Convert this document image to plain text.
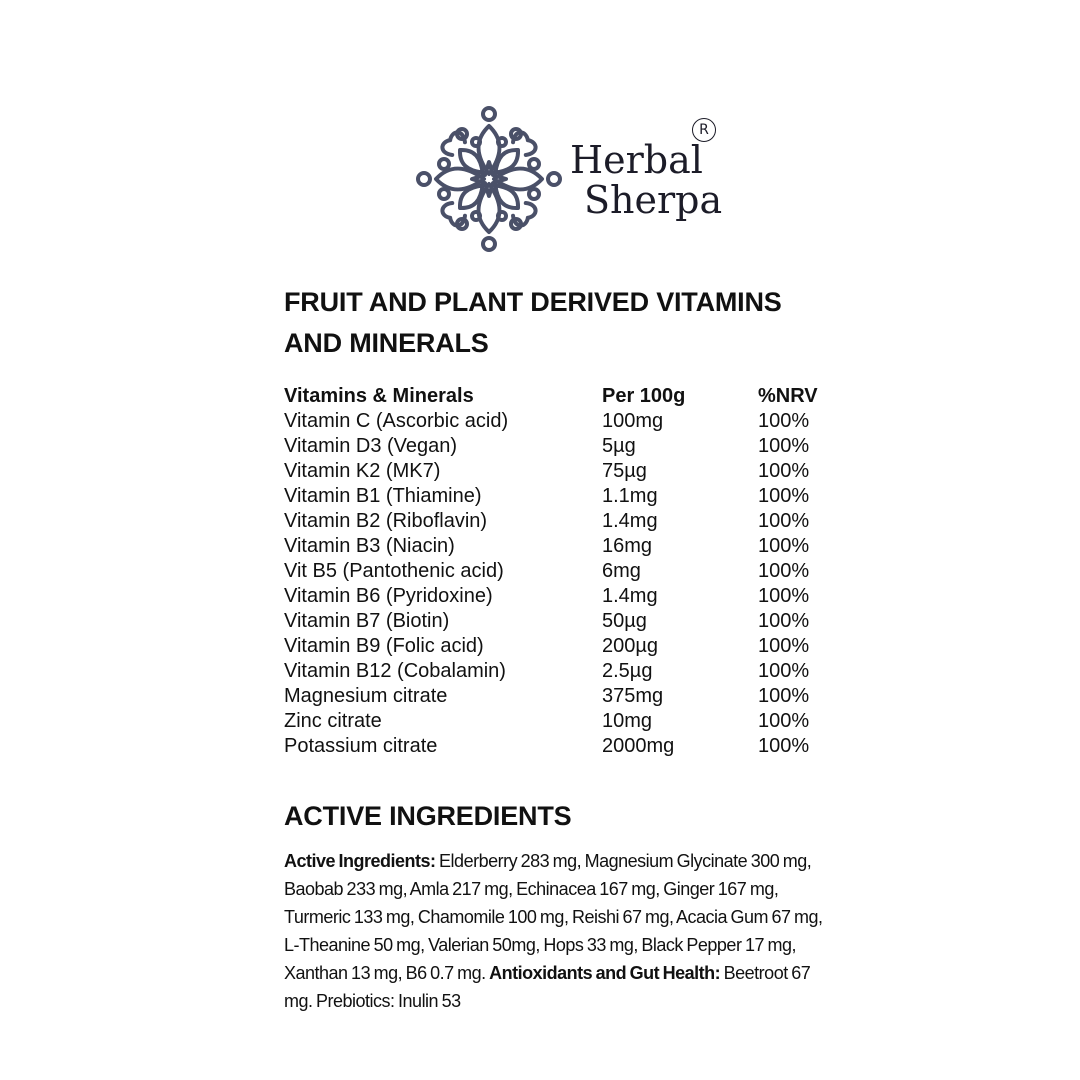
Herbal
Sherpa
R
FRUIT AND PLANT DERIVED VITAMINS AND MINERALS
Vitamins & Minerals	Per 100g	%NRV
Vitamin C (Ascorbic acid)	100mg	100%
Vitamin D3 (Vegan)	5µg	100%
Vitamin K2 (MK7)	75µg	100%
Vitamin B1 (Thiamine)	1.1mg	100%
Vitamin B2 (Riboflavin)	1.4mg	100%
Vitamin B3 (Niacin)	16mg	100%
Vit B5 (Pantothenic acid)	6mg	100%
Vitamin B6 (Pyridoxine)	1.4mg	100%
Vitamin B7 (Biotin)	50µg	100%
Vitamin B9 (Folic acid)	200µg	100%
Vitamin B12 (Cobalamin)	2.5µg	100%
Magnesium citrate	375mg	100%
Zinc citrate	10mg	100%
Potassium citrate	2000mg	100%
ACTIVE INGREDIENTS
Active Ingredients: Elderberry 283 mg, Magnesium Glycinate 300 mg, Baobab 233 mg, Amla 217 mg, Echinacea 167 mg, Ginger 167 mg, Turmeric 133 mg, Chamomile 100 mg, Reishi 67 mg, Acacia Gum 67 mg, L-Theanine 50 mg, Valerian 50mg, Hops 33 mg, Black Pepper 17 mg, Xanthan 13 mg, B6 0.7 mg. Antioxidants and Gut Health: Beetroot 67 mg. Prebiotics: Inulin 53
